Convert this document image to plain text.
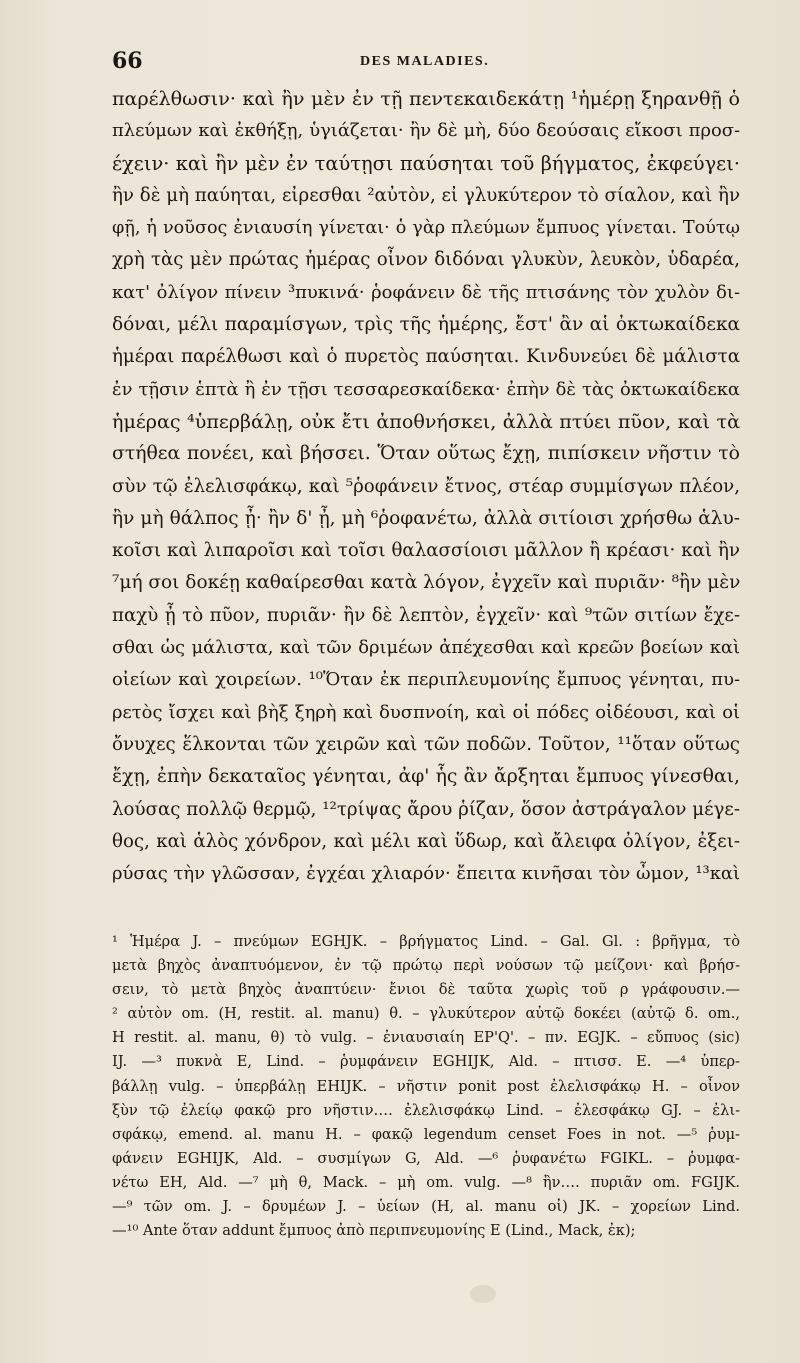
66	DES MALADIES.
παρέλθωσιν· καὶ ἢν μὲν ἐν τῇ πεντεκαιδεκάτῃ ¹ἡμέρῃ ξηρανθῇ ὁ
πλεύμων καὶ ἐκθήξῃ, ὑγιάζεται· ἢν δὲ μὴ, δύο δεούσαις εἴκοσι προσ-
έχειν· καὶ ἢν μὲν ἐν ταύτῃσι παύσηται τοῦ βήγματος, ἐκφεύγει·
ἢν δὲ μὴ παύηται, εἰρεσθαι ²αὐτὸν, εἰ γλυκύτερον τὸ σίαλον, καὶ ἢν
φῇ, ἡ νοῦσος ἐνιαυσίη γίνεται· ὁ γὰρ πλεύμων ἔμπυος γίνεται. Τούτῳ
χρὴ τὰς μὲν πρώτας ἡμέρας οἶνον διδόναι γλυκὺν, λευκὸν, ὑδαρέα,
κατ' ὀλίγον πίνειν ³πυκινά· ῥοφάνειν δὲ τῆς πτισάνης τὸν χυλὸν δι-
δόναι, μέλι παραμίσγων, τρὶς τῆς ἡμέρης, ἔστ' ἂν αἱ ὀκτωκαίδεκα
ἡμέραι παρέλθωσι καὶ ὁ πυρετὸς παύσηται. Κινδυνεύει δὲ μάλιστα
ἐν τῇσιν ἑπτὰ ἢ ἐν τῇσι τεσσαρεσκαίδεκα· ἐπὴν δὲ τὰς ὀκτωκαίδεκα
ἡμέρας ⁴ὑπερβάλῃ, οὐκ ἔτι ἀποθνήσκει, ἀλλὰ πτύει πῦον, καὶ τὰ
στήθεα πονέει, καὶ βήσσει. Ὅταν οὕτως ἔχῃ, πιπίσκειν νῆστιν τὸ
σὺν τῷ ἐλελισφάκῳ, καὶ ⁵ῥοφάνειν ἔτνος, στέαρ συμμίσγων πλέον,
ἢν μὴ θάλπος ᾖ· ἢν δ' ᾖ, μὴ ⁶ῥοφανέτω, ἀλλὰ σιτίοισι χρήσθω ἁλυ-
κοῖσι καὶ λιπαροῖσι καὶ τοῖσι θαλασσίοισι μᾶλλον ἢ κρέασι· καὶ ἢν
⁷μή σοι δοκέῃ καθαίρεσθαι κατὰ λόγον, ἐγχεῖν καὶ πυριᾶν· ⁸ἢν μὲν
παχὺ ᾖ τὸ πῦον, πυριᾶν· ἢν δὲ λεπτὸν, ἐγχεῖν· καὶ ⁹τῶν σιτίων ἔχε-
σθαι ὡς μάλιστα, καὶ τῶν δριμέων ἀπέχεσθαι καὶ κρεῶν βοείων καὶ
οἰείων καὶ χοιρείων. ¹⁰Ὅταν ἐκ περιπλευμονίης ἔμπυος γένηται, πυ-
ρετὸς ἴσχει καὶ βὴξ ξηρὴ καὶ δυσπνοίη, καὶ οἱ πόδες οἰδέουσι, καὶ οἱ
ὄνυχες ἕλκονται τῶν χειρῶν καὶ τῶν ποδῶν. Τοῦτον, ¹¹ὅταν οὕτως
ἔχῃ, ἐπὴν δεκαταῖος γένηται, ἀφ' ἧς ἂν ἄρξηται ἔμπυος γίνεσθαι,
λούσας πολλῷ θερμῷ, ¹²τρίψας ἄρου ῥίζαν, ὅσον ἀστράγαλον μέγε-
θος, καὶ ἁλὸς χόνδρον, καὶ μέλι καὶ ὕδωρ, καὶ ἄλειφα ὀλίγον, ἐξει-
ρύσας τὴν γλῶσσαν, ἐγχέαι χλιαρόν· ἔπειτα κινῆσαι τὸν ὦμον, ¹³καὶ
¹ Ἡμέρα J. – πνεύμων EGHJK. – βρήγματος Lind. – Gal. Gl. : βρῆγμα, τὸ
μετὰ βηχὸς ἀναπτυόμενον, ἐν τῷ πρώτῳ περὶ νούσων τῷ μείζονι· καὶ βρήσ-
σειν, τὸ μετὰ βηχὸς ἀναπτύειν· ἔνιοι δὲ ταῦτα χωρὶς τοῦ ρ γράφουσιν.—
² αὐτὸν om. (H, restit. al. manu) θ. – γλυκύτερον αὐτῷ δοκέει (αὐτῷ δ. om.,
H restit. al. manu, θ) τὸ vulg. – ἐνιαυσιαίη EP'Q'. – πν. EGJK. – εὔπυος (sic)
IJ. —³ πυκνὰ E, Lind. – ῥυμφάνειν EGHIJK, Ald. – πτισσ. E. —⁴ ὑπερ-
βάλλῃ vulg. – ὑπερβάλῃ EHIJK. – νῆστιν ponit post ἐλελισφάκῳ H. – οἶνον
ξὺν τῷ ἐλείῳ φακῷ pro νῆστιν…. ἐλελισφάκῳ Lind. – ἐλεσφάκῳ GJ. – ἐλι-
σφάκῳ, emend. al. manu H. – φακῷ legendum censet Foes in not. —⁵ ῥυμ-
φάνειν EGHIJK, Ald. – συσμίγων G, Ald. —⁶ ῥυφανέτω FGIKL. – ῥυμφα-
νέτω EH, Ald. —⁷ μὴ θ, Mack. – μὴ om. vulg. —⁸ ἢν…. πυριᾶν om. FGIJK.
—⁹ τῶν om. J. – δρυμέων J. – ὑείων (H, al. manu οἰ) JK. – χορείων Lind.
—¹⁰ Ante ὅταν addunt ἔμπυος ἀπὸ περιπνευμονίης E (Lind., Mack, ἐκ);
